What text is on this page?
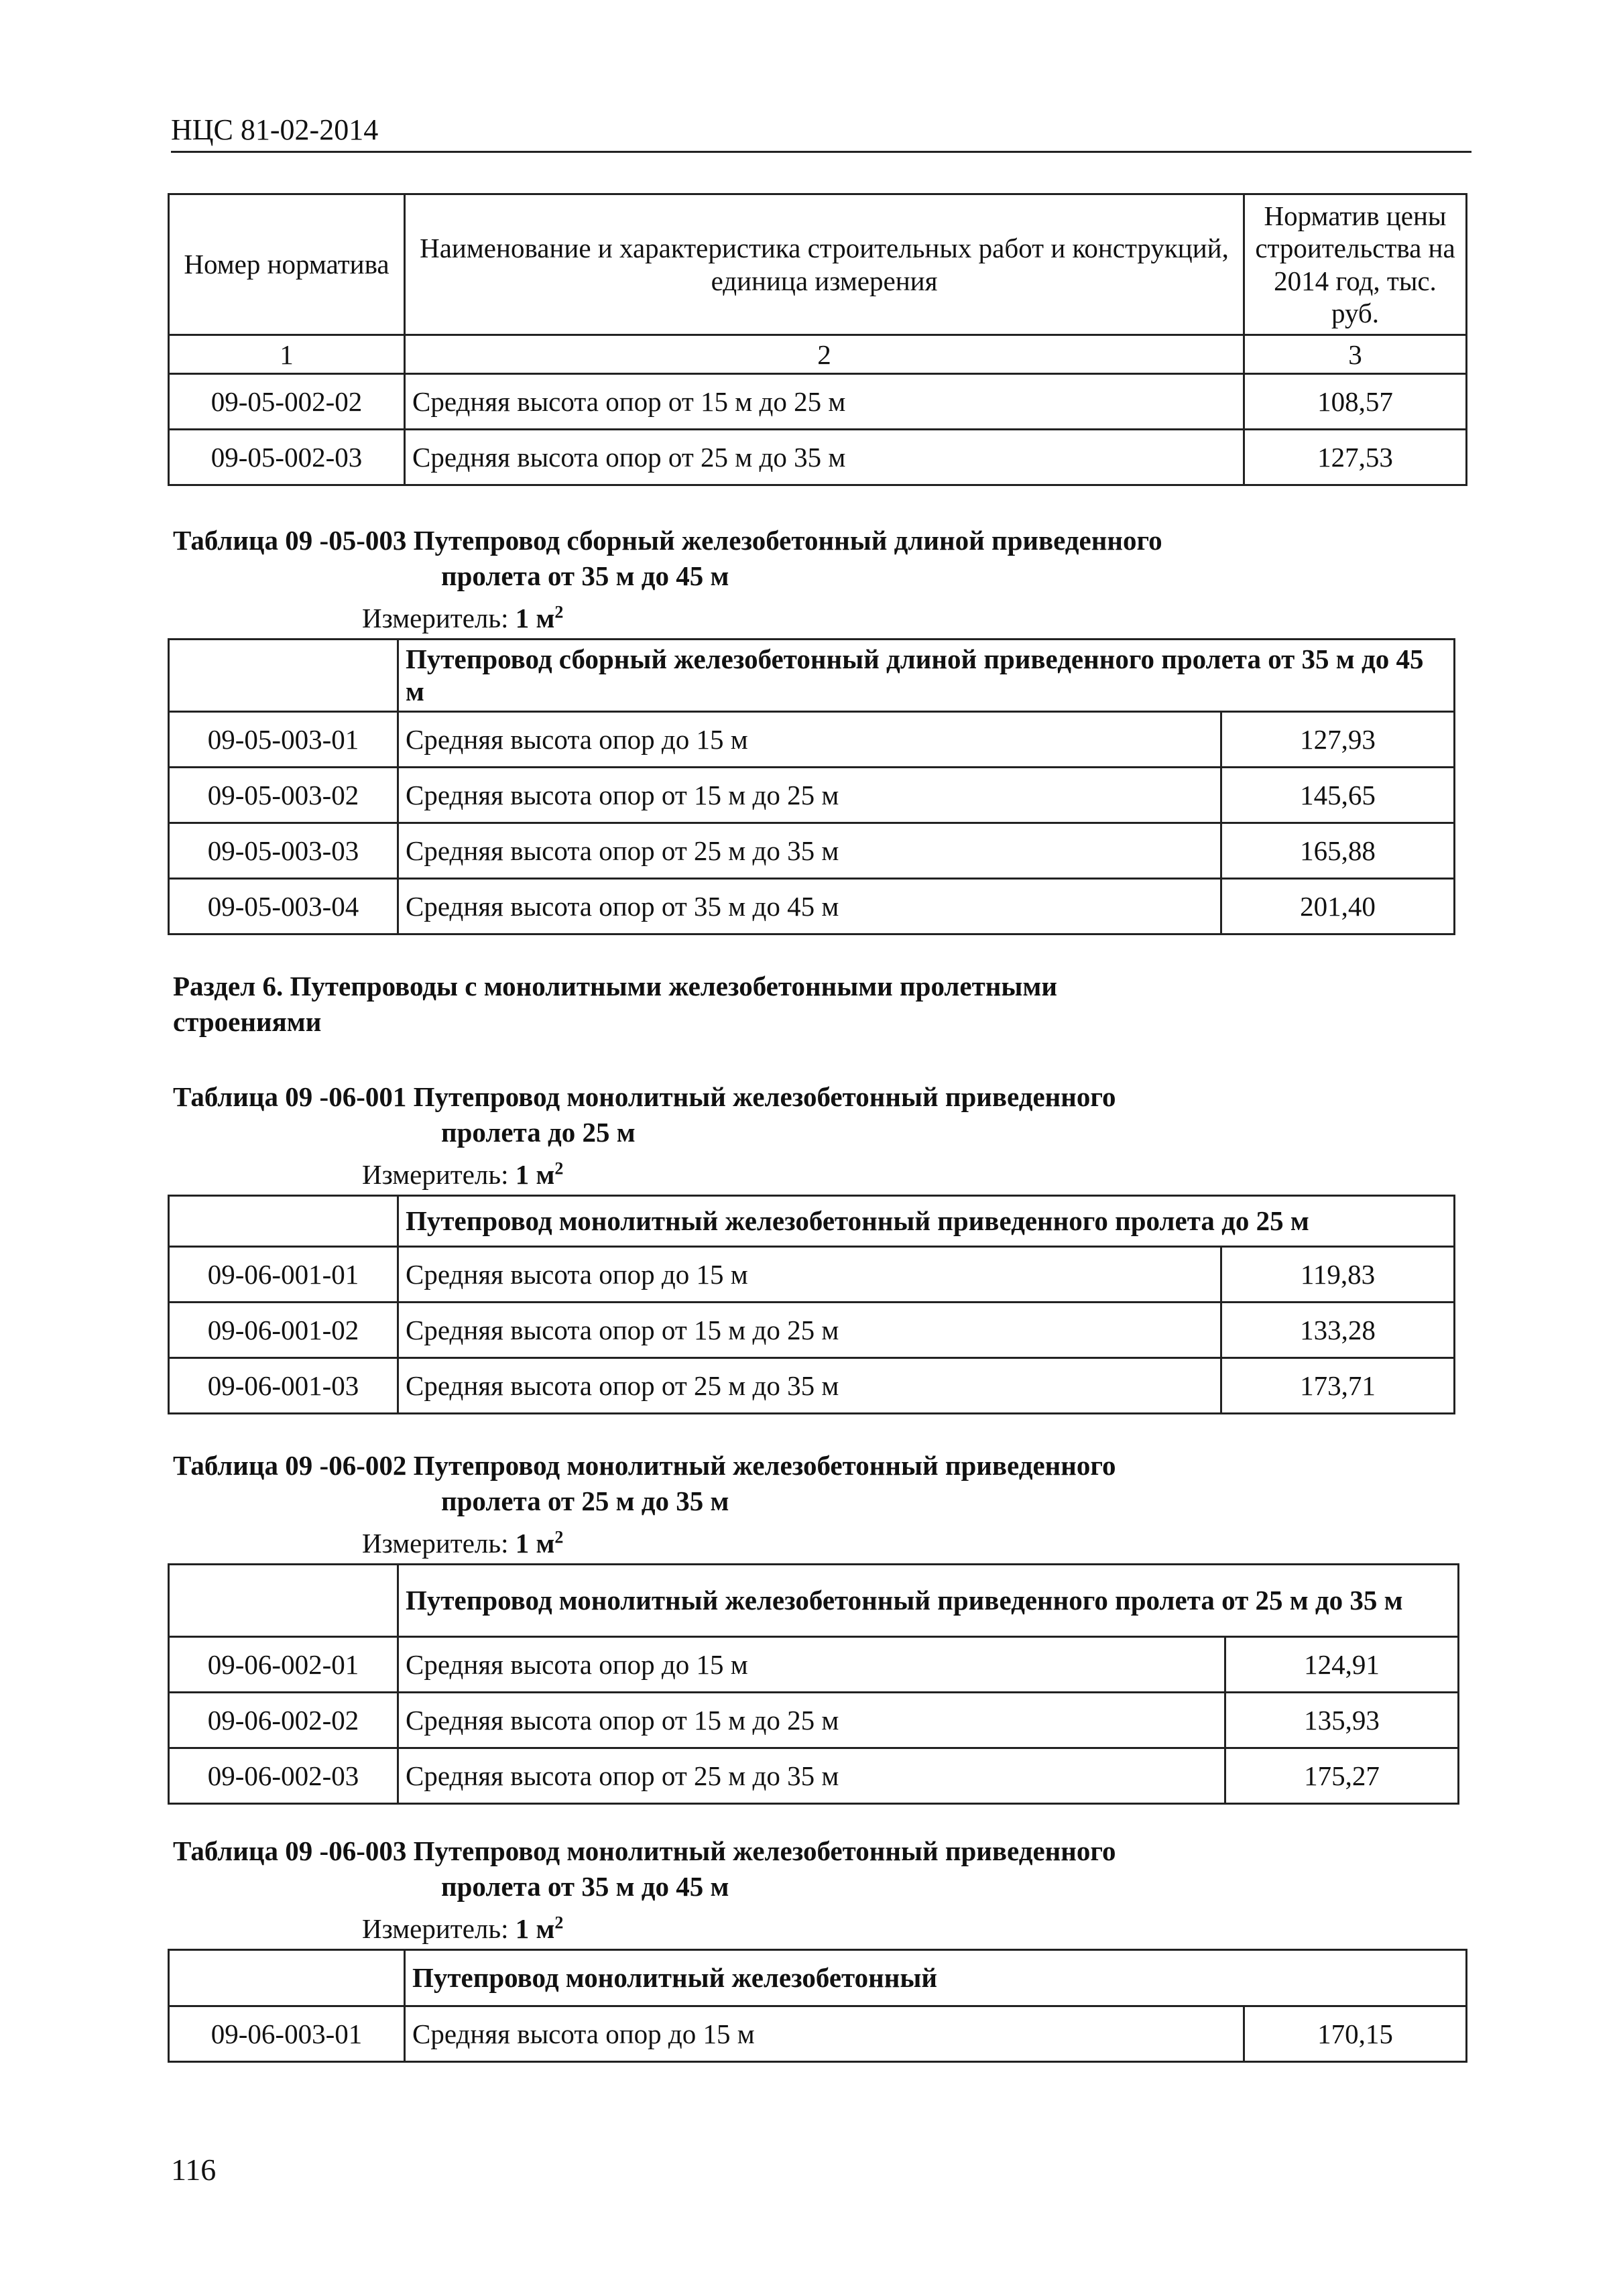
НЦС 81-02-2014
Номер норматива	Наименование и характеристика строительных работ и конструкций, единица измерения	Норматив цены строительства на 2014 год, тыс. руб.
1	2	3
09-05-002-02	Средняя высота опор от 15 м до 25 м	108,57
09-05-002-03	Средняя высота опор от 25 м до 35 м	127,53
Таблица 09 -05-003 Путепровод сборный железобетонный длиной приведенного
пролета от 35 м до 45 м
Измеритель: 1 $м^2$
	Путепровод сборный железобетонный длиной приведенного пролета от 35 м до 45 м	
09-05-003-01	Средняя высота опор до 15 м	127,93
09-05-003-02	Средняя высота опор от 15 м до 25 м	145,65
09-05-003-03	Средняя высота опор от 25 м до 35 м	165,88
09-05-003-04	Средняя высота опор от 35 м до 45 м	201,40
Раздел 6. Путепроводы с монолитными железобетонными пролетными
строениями
Таблица 09 -06-001 Путепровод монолитный железобетонный приведенного
пролета до 25 м
Измеритель: 1 $м^2$
	Путепровод монолитный железобетонный приведенного пролета до 25 м	
09-06-001-01	Средняя высота опор до 15 м	119,83
09-06-001-02	Средняя высота опор от 15 м до 25 м	133,28
09-06-001-03	Средняя высота опор от 25 м до 35 м	173,71
Таблица 09 -06-002 Путепровод монолитный железобетонный приведенного
пролета от 25 м до 35 м
Измеритель: 1 $м^2$
	Путепровод монолитный железобетонный приведенного пролета от 25 м до 35 м	
09-06-002-01	Средняя высота опор до 15 м	124,91
09-06-002-02	Средняя высота опор от 15 м до 25 м	135,93
09-06-002-03	Средняя высота опор от 25 м до 35 м	175,27
Таблица 09 -06-003 Путепровод монолитный железобетонный приведенного
пролета от 35 м до 45 м
Измеритель: 1 $м^2$
	Путепровод монолитный железобетонный	
09-06-003-01	Средняя высота опор до 15 м	170,15
116
